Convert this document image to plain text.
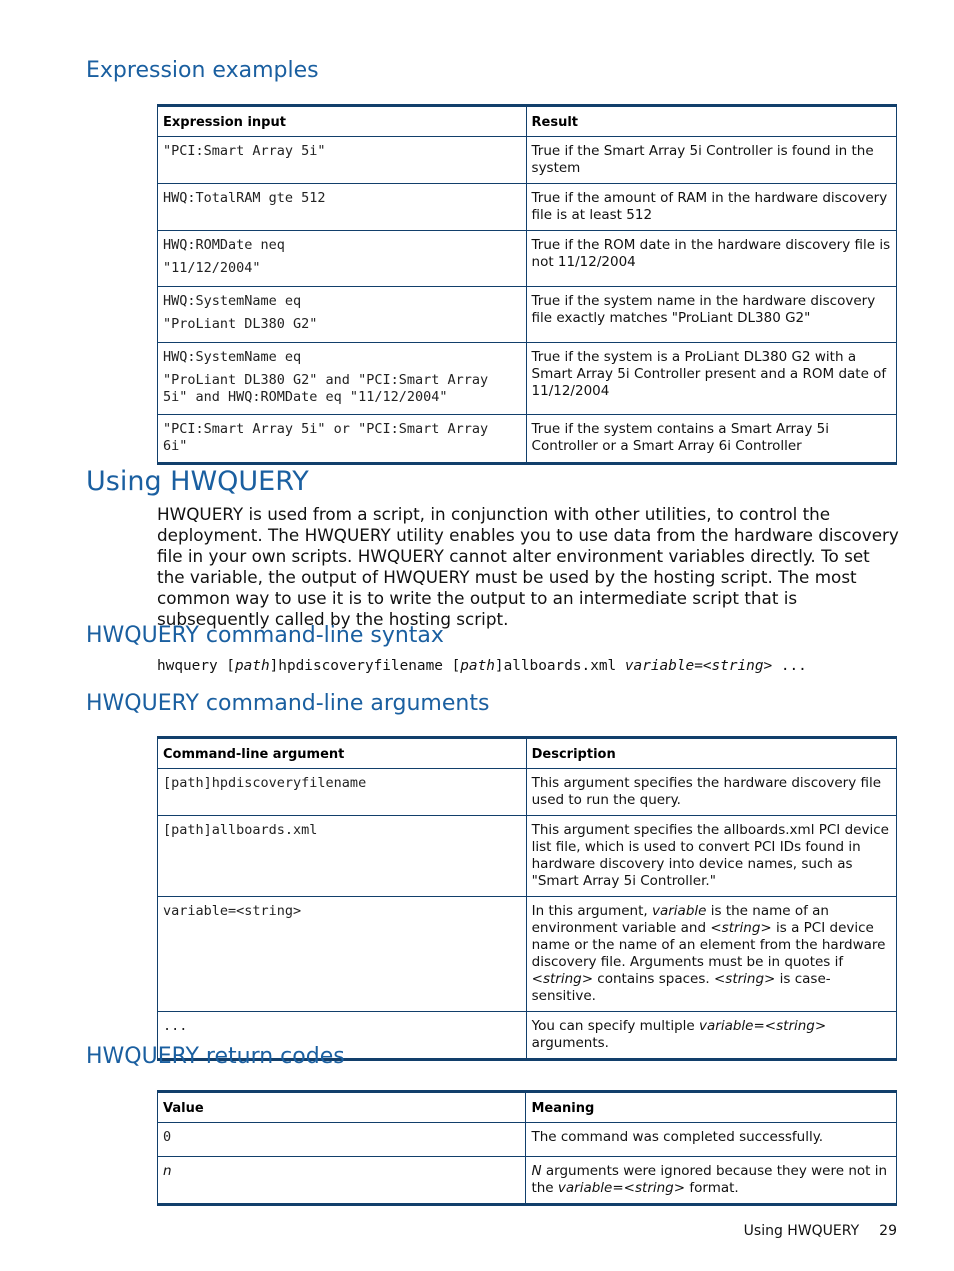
Expression examples
Expression input	Result

"PCI:Smart Array 5i"	True if the Smart Array 5i Controller is found in the system

HWQ:TotalRAM gte 512	True if the amount of RAM in the hardware discovery file is at least 512

HWQ:ROMDate neq
"11/12/2004"	True if the ROM date in the hardware discovery file is not 11/12/2004

HWQ:SystemName eq
"ProLiant DL380 G2"	True if the system name in the hardware discovery file exactly matches "ProLiant DL380 G2"

HWQ:SystemName eq
"ProLiant DL380 G2" and "PCI:Smart Array 5i" and HWQ:ROMDate eq "11/12/2004"	True if the system is a ProLiant DL380 G2 with a Smart Array 5i Controller present and a ROM date of 11/12/2004

"PCI:Smart Array 5i" or "PCI:Smart Array 6i"	True if the system contains a Smart Array 5i Controller or a Smart Array 6i Controller
Using HWQUERY

HWQUERY is used from a script, in conjunction with other utilities, to control the deployment. The HWQUERY utility enables you to use data from the hardware discovery file in your own scripts. HWQUERY cannot alter environment variables directly. To set the variable, the output of HWQUERY must be used by the hosting script. The most common way to use it is to write the output to an intermediate script that is subsequently called by the hosting script.

HWQUERY command-line syntax
hwquery [path]hpdiscoveryfilename [path]allboards.xml variable=<string> ...
HWQUERY command-line arguments
Command-line argument	Description
[path]hpdiscoveryfilename	This argument specifies the hardware discovery file used to run the query.
[path]allboards.xml	This argument specifies the allboards.xml PCI device list file, which is used to convert PCI IDs found in hardware discovery into device names, such as "Smart Array 5i Controller."
variable=<string>	In this argument, variable is the name of an environment variable and <string> is a PCI device name or the name of an element from the hardware discovery file. Arguments must be in quotes if <string> contains spaces. <string> is case-sensitive.
...	You can specify multiple variable=<string> arguments.
HWQUERY return codes
Value	Meaning
0	The command was completed successfully.
n	N arguments were ignored because they were not in the variable=<string> format.
Using HWQUERY 29
